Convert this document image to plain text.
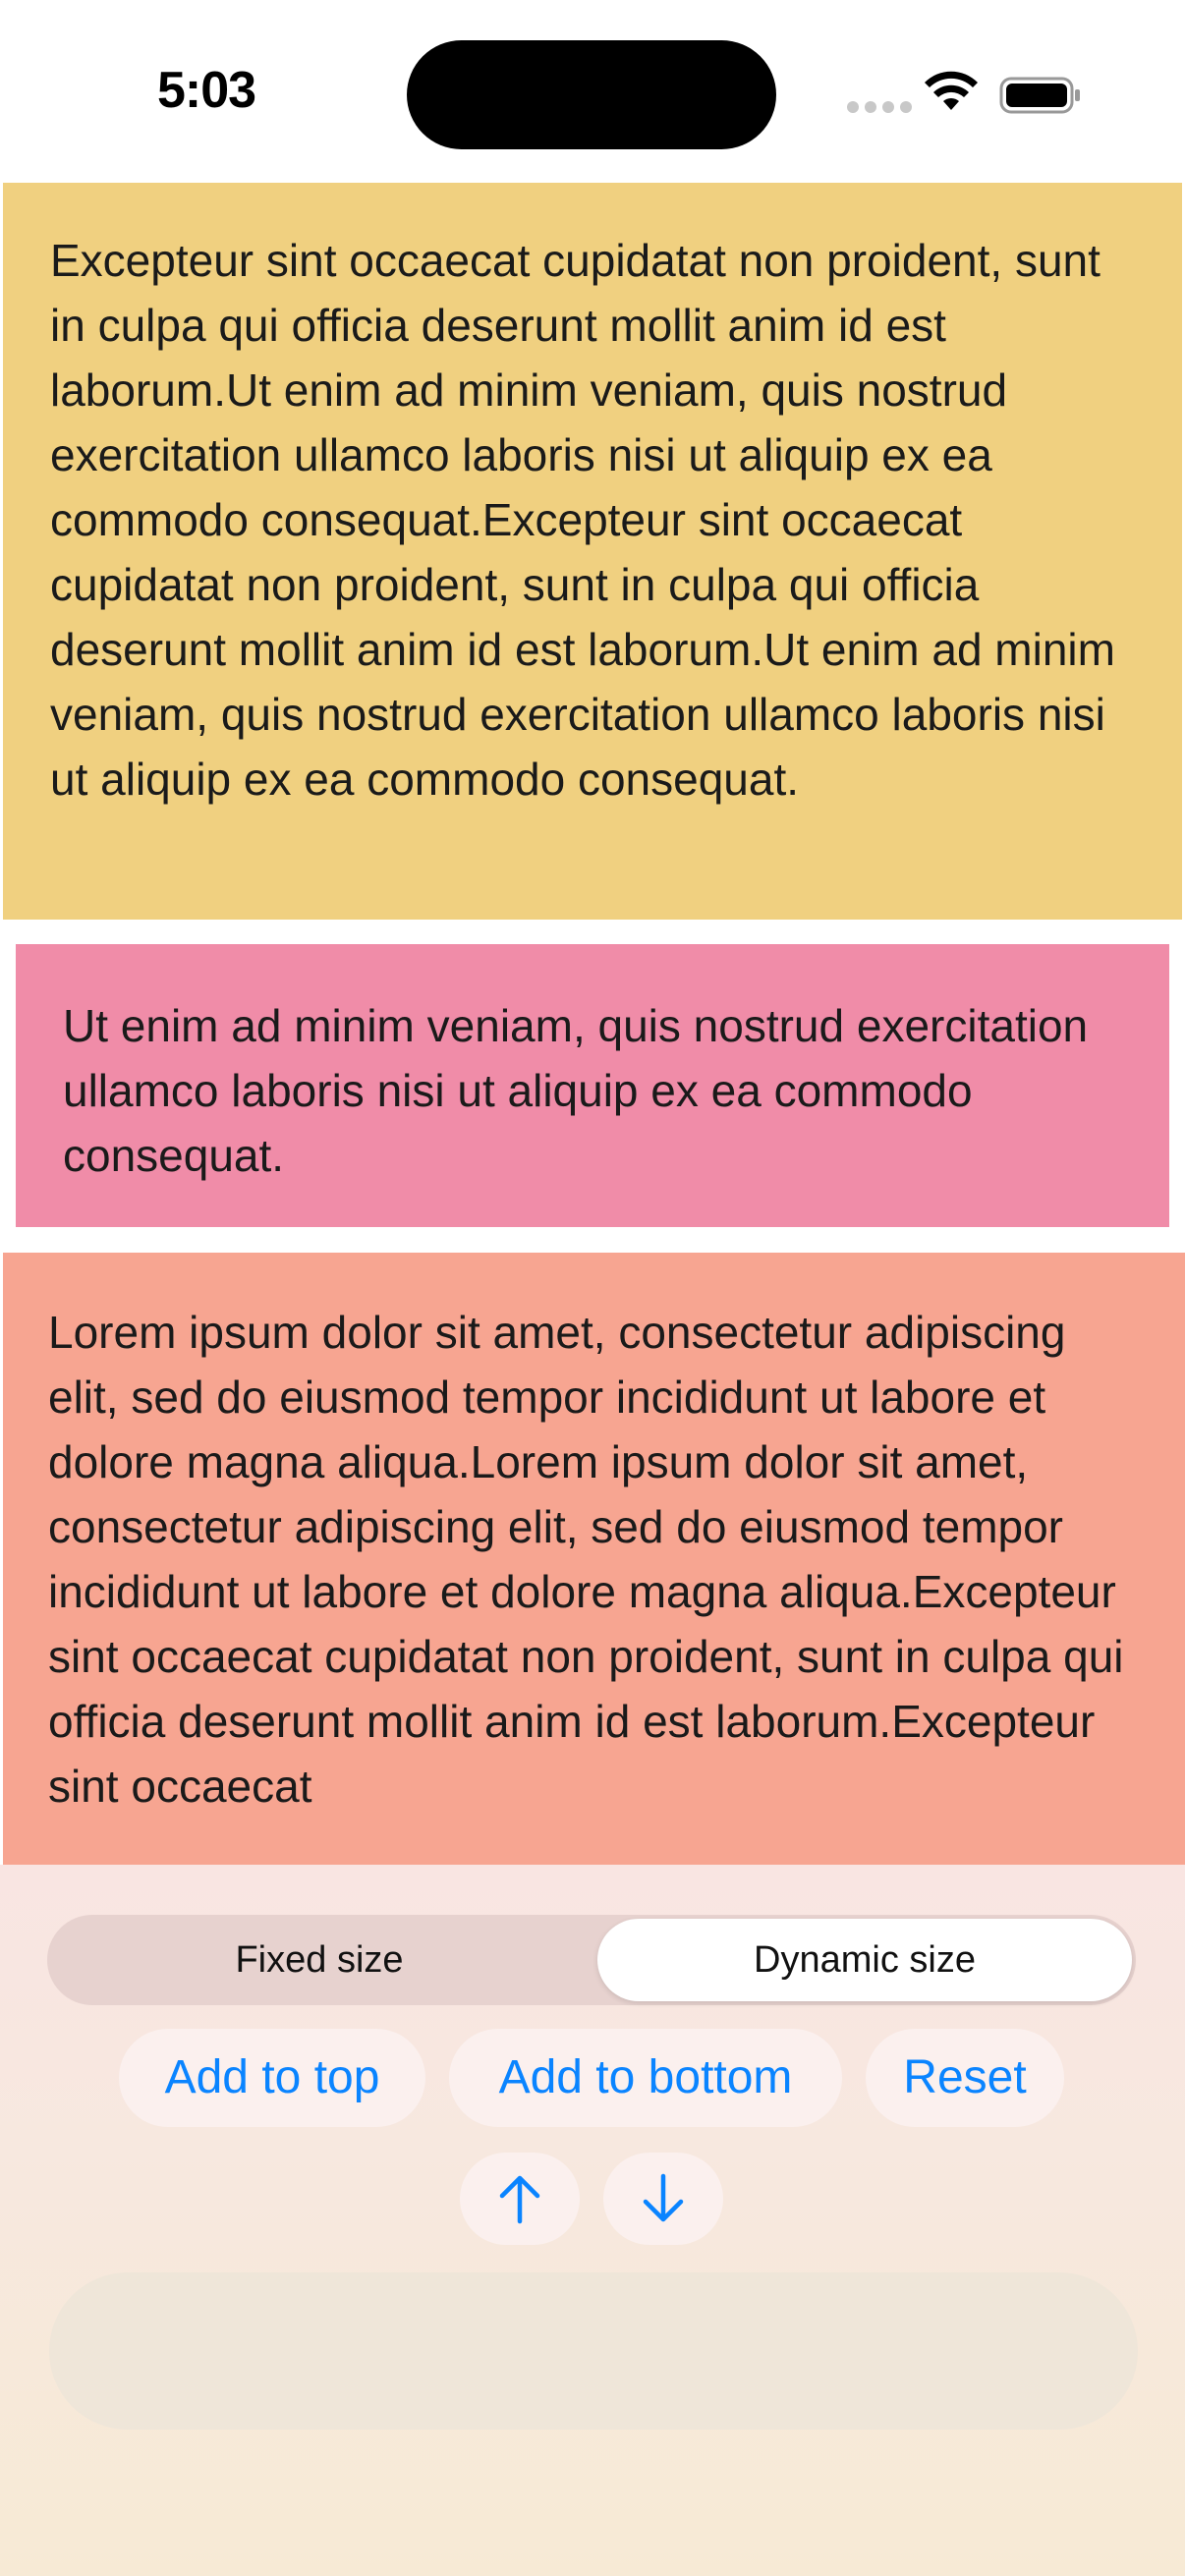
5:03
Excepteur sint occaecat cupidatat non proident, sunt in culpa qui officia deserunt mollit anim id est laborum.Ut enim ad minim veniam, quis nostrud exercitation ullamco laboris nisi ut aliquip ex ea commodo consequat.Excepteur sint occaecat cupidatat non proident, sunt in culpa qui officia deserunt mollit anim id est laborum.Ut enim ad minim veniam, quis nostrud exercitation ullamco laboris nisi ut aliquip ex ea commodo consequat.
Ut enim ad minim veniam, quis nostrud exercitation ullamco laboris nisi ut aliquip ex ea commodo consequat.
Lorem ipsum dolor sit amet, consectetur adipiscing elit, sed do eiusmod tempor incididunt ut labore et dolore magna aliqua.Lorem ipsum dolor sit amet, consectetur adipiscing elit, sed do eiusmod tempor incididunt ut labore et dolore magna aliqua.Excepteur sint occaecat cupidatat non proident, sunt in culpa qui officia deserunt mollit anim id est laborum.Excepteur sint occaecat
Fixed size	Dynamic size
Add to top	Add to bottom	Reset
